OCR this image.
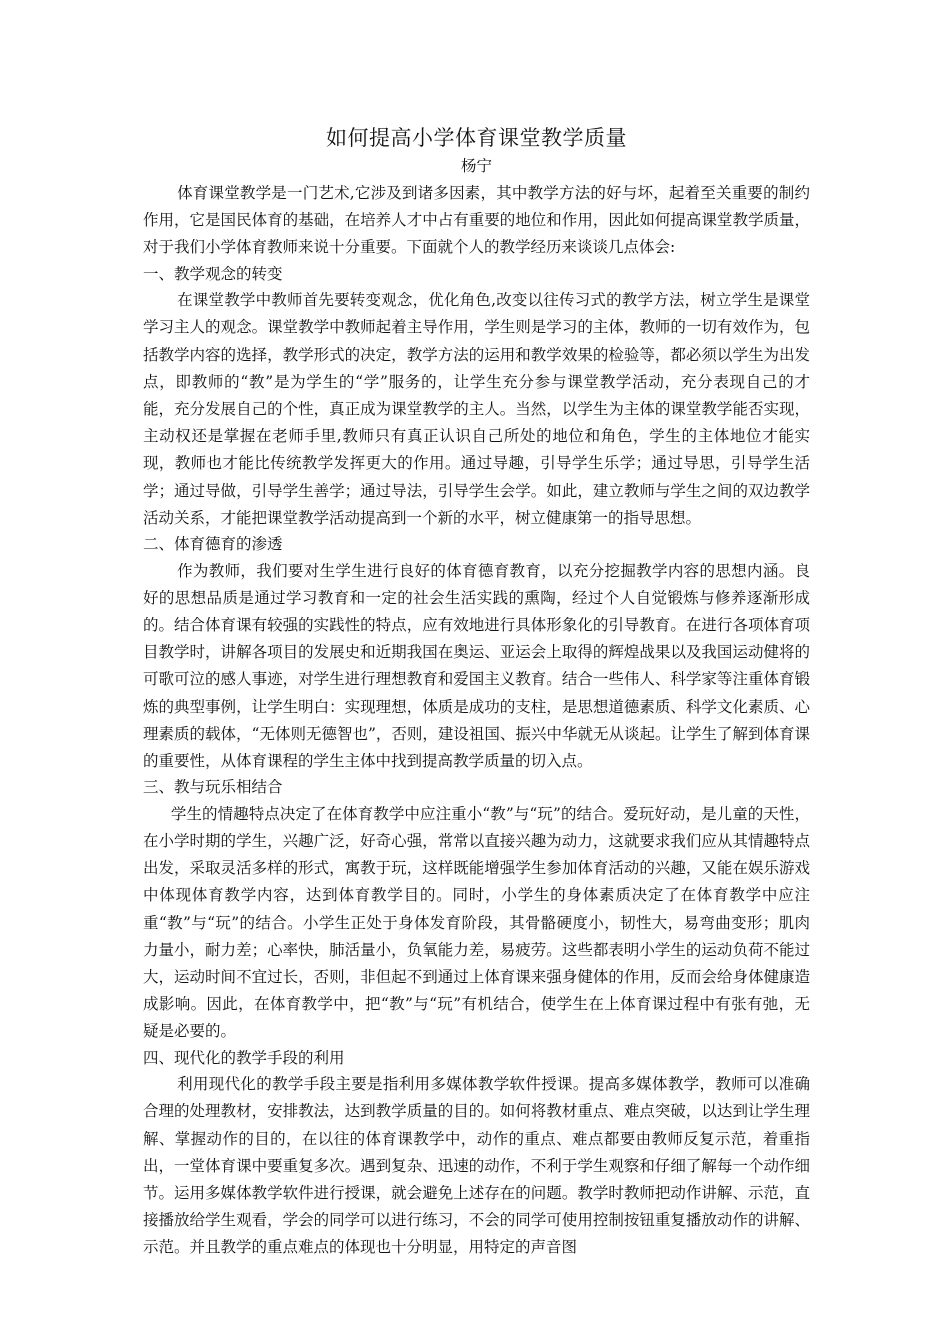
如何提高小学体育课堂教学质量
杨宁

体育课堂教学是一门艺术,它涉及到诸多因素，其中教学方法的好与坏，起着至关重要的制约作用，它是国民体育的基础，在培养人才中占有重要的地位和作用，因此如何提高课堂教学质量，对于我们小学体育教师来说十分重要。下面就个人的教学经历来谈谈几点体会:

一、教学观念的转变

在课堂教学中教师首先要转变观念，优化角色,改变以往传习式的教学方法，树立学生是课堂学习主人的观念。课堂教学中教师起着主导作用，学生则是学习的主体，教师的一切有效作为，包括教学内容的选择，教学形式的决定，教学方法的运用和教学效果的检验等，都必须以学生为出发点，即教师的“教”是为学生的“学”服务的，让学生充分参与课堂教学活动，充分表现自己的才能，充分发展自己的个性，真正成为课堂教学的主人。当然，以学生为主体的课堂教学能否实现，主动权还是掌握在老师手里,教师只有真正认识自己所处的地位和角色，学生的主体地位才能实现，教师也才能比传统教学发挥更大的作用。通过导趣，引导学生乐学；通过导思，引导学生活学；通过导做，引导学生善学；通过导法，引导学生会学。如此，建立教师与学生之间的双边教学活动关系，才能把课堂教学活动提高到一个新的水平，树立健康第一的指导思想。

二、体育德育的渗透

作为教师，我们要对生学生进行良好的体育德育教育，以充分挖掘教学内容的思想内涵。良好的思想品质是通过学习教育和一定的社会生活实践的熏陶，经过个人自觉锻炼与修养逐渐形成的。结合体育课有较强的实践性的特点，应有效地进行具体形象化的引导教育。在进行各项体育项目教学时，讲解各项目的发展史和近期我国在奥运、亚运会上取得的辉煌战果以及我国运动健将的可歌可泣的感人事迹，对学生进行理想教育和爱国主义教育。结合一些伟人、科学家等注重体育锻炼的典型事例，让学生明白：实现理想，体质是成功的支柱，是思想道德素质、科学文化素质、心理素质的载体，“无体则无德智也”，否则，建设祖国、振兴中华就无从谈起。让学生了解到体育课的重要性，从体育课程的学生主体中找到提高教学质量的切入点。

三、教与玩乐相结合

学生的情趣特点决定了在体育教学中应注重小“教”与“玩”的结合。爱玩好动，是儿童的天性，在小学时期的学生，兴趣广泛，好奇心强，常常以直接兴趣为动力，这就要求我们应从其情趣特点出发，采取灵活多样的形式，寓教于玩，这样既能增强学生参加体育活动的兴趣，又能在娱乐游戏中体现体育教学内容，达到体育教学目的。同时，小学生的身体素质决定了在体育教学中应注重“教”与“玩”的结合。小学生正处于身体发育阶段，其骨骼硬度小，韧性大，易弯曲变形；肌肉力量小，耐力差；心率快，肺活量小，负氧能力差，易疲劳。这些都表明小学生的运动负荷不能过大，运动时间不宜过长，否则，非但起不到通过上体育课来强身健体的作用，反而会给身体健康造成影响。因此，在体育教学中，把“教”与“玩”有机结合，使学生在上体育课过程中有张有弛，无疑是必要的。

四、现代化的教学手段的利用

利用现代化的教学手段主要是指利用多媒体教学软件授课。提高多媒体教学，教师可以准确合理的处理教材，安排教法，达到教学质量的目的。如何将教材重点、难点突破，以达到让学生理解、掌握动作的目的，在以往的体育课教学中，动作的重点、难点都要由教师反复示范，着重指出，一堂体育课中要重复多次。遇到复杂、迅速的动作，不利于学生观察和仔细了解每一个动作细节。运用多媒体教学软件进行授课，就会避免上述存在的问题。教学时教师把动作讲解、示范，直接播放给学生观看，学会的同学可以进行练习，不会的同学可使用控制按钮重复播放动作的讲解、示范。并且教学的重点难点的体现也十分明显，用特定的声音图
